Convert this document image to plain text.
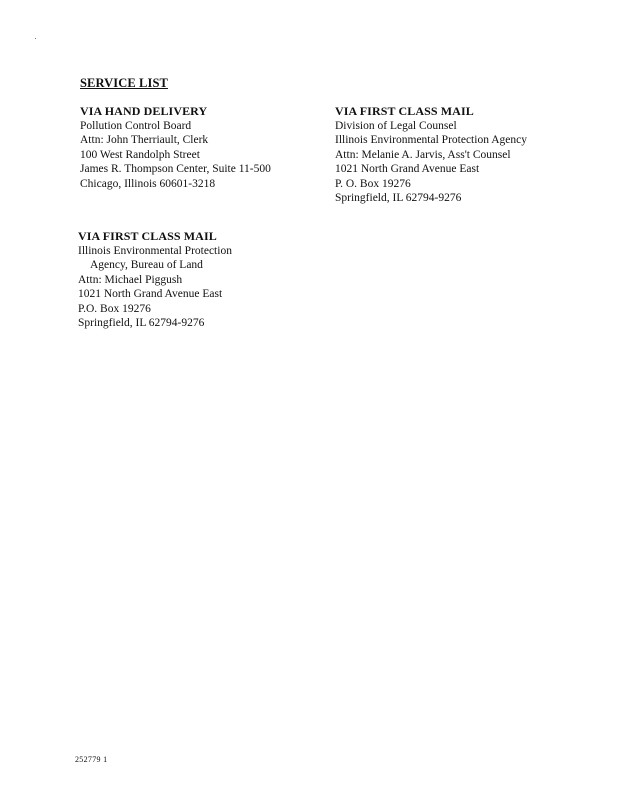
SERVICE LIST
VIA HAND DELIVERY
Pollution Control Board
Attn: John Therriault, Clerk
100 West Randolph Street
James R. Thompson Center, Suite 11-500
Chicago, Illinois 60601-3218
VIA FIRST CLASS MAIL
Division of Legal Counsel
Illinois Environmental Protection Agency
Attn: Melanie A. Jarvis, Ass't Counsel
1021 North Grand Avenue East
P. O. Box 19276
Springfield, IL 62794-9276
VIA FIRST CLASS MAIL
Illinois Environmental Protection
Agency, Bureau of Land
Attn: Michael Piggush
1021 North Grand Avenue East
P.O. Box 19276
Springfield, IL 62794-9276
252779 1
